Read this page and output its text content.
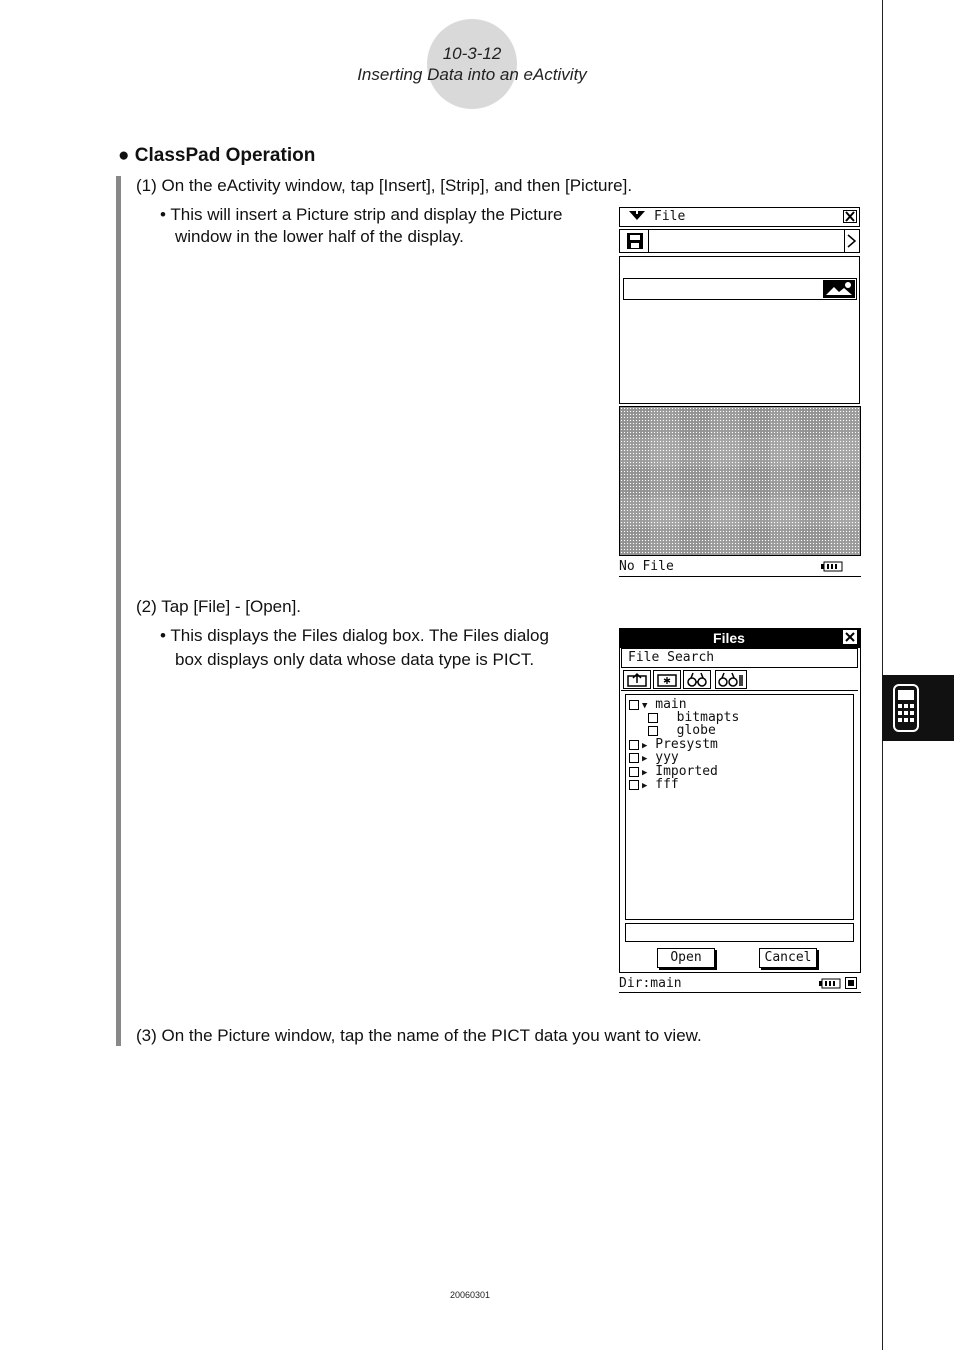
10-3-12
Inserting Data into an eActivity
● ClassPad Operation
(1) On the eActivity window, tap [Insert], [Strip], and then [Picture].
• This will insert a Picture strip and display the Picture
window in the lower half of the display.
(2) Tap [File] - [Open].
• This displays the Files dialog box. The Files dialog
box displays only data whose data type is PICT.
(3) On the Picture window, tap the name of the PICT data you want to view.
File
No File
Files
File Search
▼ main
bitmapts
globe
▶ Presystm
▶ yyy
▶ Imported
▶ fff
Open	Cancel
Dir:main
20060301
